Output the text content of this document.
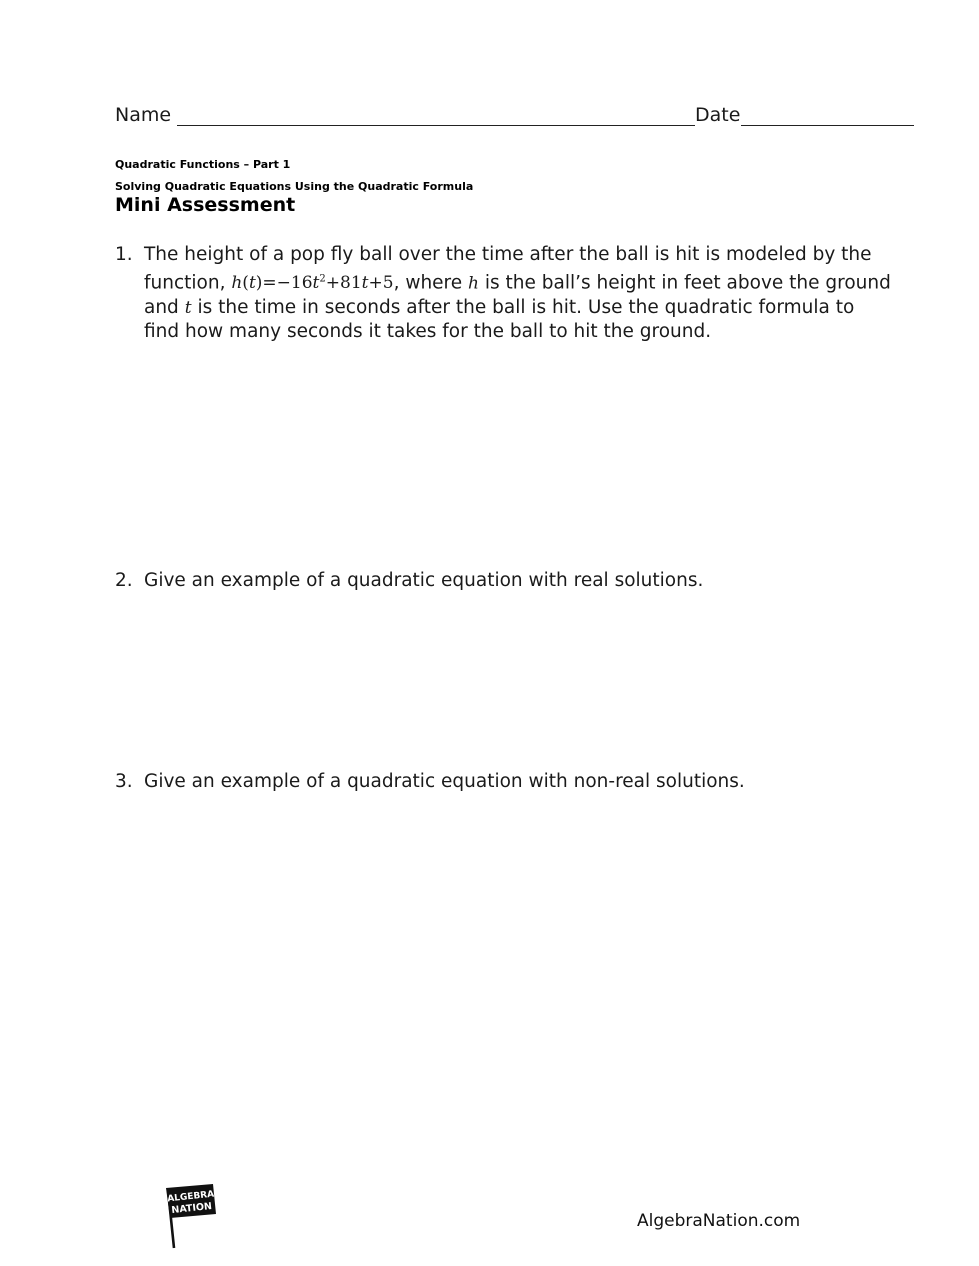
Name	Date
Quadratic Functions – Part 1
Solving Quadratic Equations Using the Quadratic Formula
Mini Assessment
1. The height of a pop fly ball over the time after the ball is hit is modeled by the
function, $h(t)=-16t^2+81t+5$, where h is the ball’s height in feet above the ground
and t is the time in seconds after the ball is hit. Use the quadratic formula to
find how many seconds it takes for the ball to hit the ground.
2. Give an example of a quadratic equation with real solutions.
3. Give an example of a quadratic equation with non-real solutions.
ALGEBRA
NATION
AlgebraNation.com
